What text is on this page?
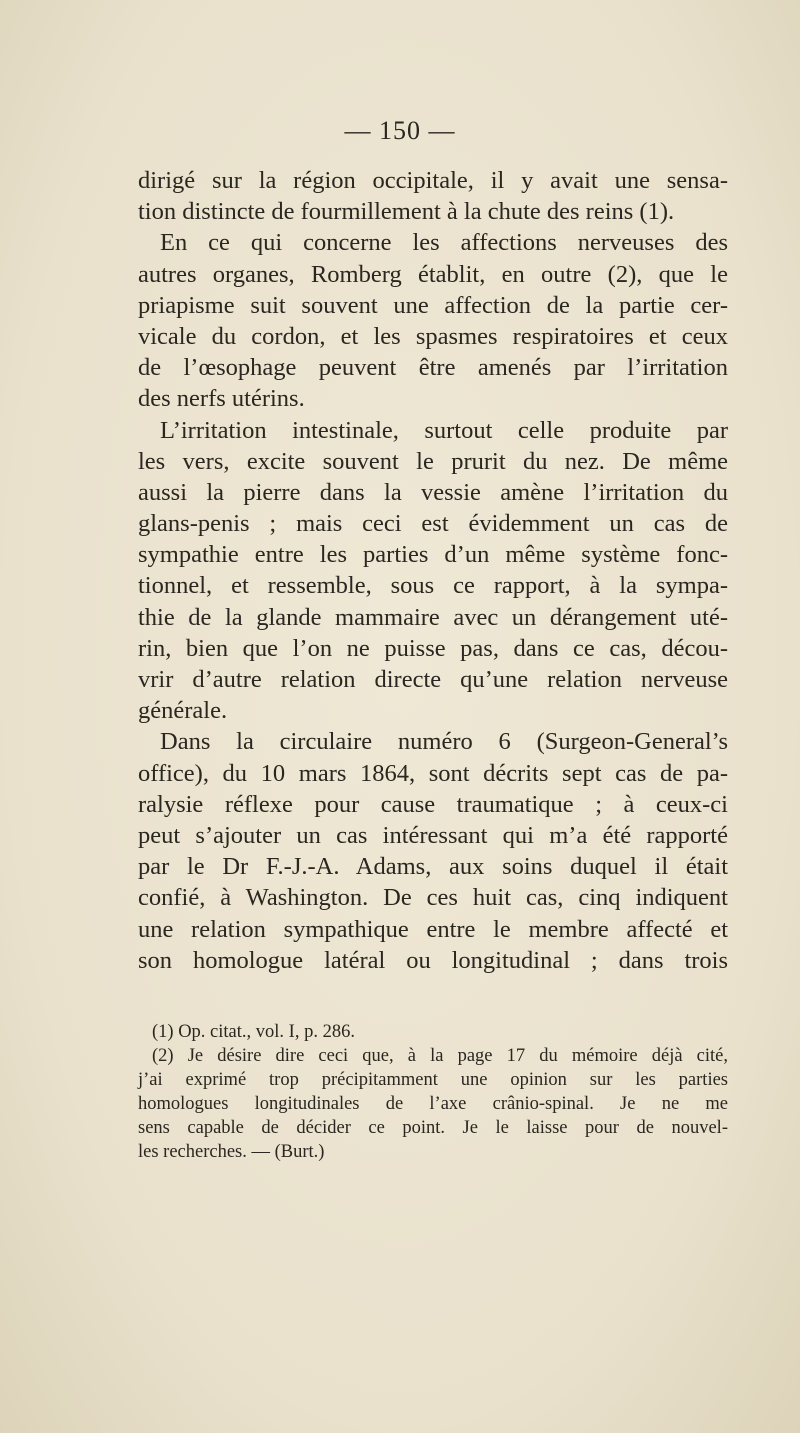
— 150 —
dirigé sur la région occipitale, il y avait une sensa-
tion distincte de fourmillement à la chute des reins (1).
En ce qui concerne les affections nerveuses des
autres organes, Romberg établit, en outre (2), que le
priapisme suit souvent une affection de la partie cer-
vicale du cordon, et les spasmes respiratoires et ceux
de l’œsophage peuvent être amenés par l’irritation
des nerfs utérins.
L’irritation intestinale, surtout celle produite par
les vers, excite souvent le prurit du nez. De même
aussi la pierre dans la vessie amène l’irritation du
glans-penis ; mais ceci est évidemment un cas de
sympathie entre les parties d’un même système fonc-
tionnel, et ressemble, sous ce rapport, à la sympa-
thie de la glande mammaire avec un dérangement uté-
rin, bien que l’on ne puisse pas, dans ce cas, décou-
vrir d’autre relation directe qu’une relation nerveuse
générale.
Dans la circulaire numéro 6 (Surgeon-General’s
office), du 10 mars 1864, sont décrits sept cas de pa-
ralysie réflexe pour cause traumatique ; à ceux-ci
peut s’ajouter un cas intéressant qui m’a été rapporté
par le Dr F.-J.-A. Adams, aux soins duquel il était
confié, à Washington. De ces huit cas, cinq indiquent
une relation sympathique entre le membre affecté et
son homologue latéral ou longitudinal ; dans trois
(1) Op. citat., vol. I, p. 286.
(2) Je désire dire ceci que, à la page 17 du mémoire déjà cité,
j’ai exprimé trop précipitamment une opinion sur les parties
homologues longitudinales de l’axe crânio-spinal. Je ne me
sens capable de décider ce point. Je le laisse pour de nouvel-
les recherches. — (Burt.)
